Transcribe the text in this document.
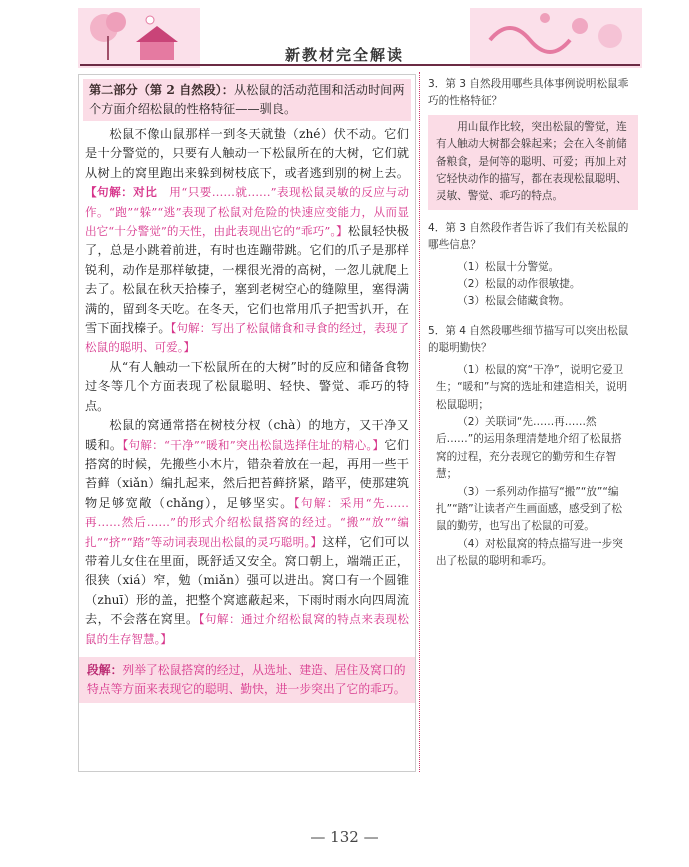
新教材完全解读
第二部分（第 2 自然段）：从松鼠的活动范围和活动时间两个方面介绍松鼠的性格特征——驯良。

松鼠不像山鼠那样一到冬天就蛰（zhé）伏不动。它们是十分警觉的，只要有人触动一下松鼠所在的大树，它们就从树上的窝里跑出来躲到树枝底下，或者逃到别的树上去。【句解：对比　 用“只要……就……”表现松鼠灵敏的反应与动作。“跑”“躲”“逃”表现了松鼠对危险的快速应变能力，从而显出它“十分警觉”的天性，由此表现出它的“乖巧”。】松鼠轻快极了，总是小跳着前进，有时也连蹦带跳。它们的爪子是那样锐利，动作是那样敏捷，一棵很光滑的高树，一忽儿就爬上去了。松鼠在秋天拾榛子，塞到老树空心的缝隙里，塞得满满的，留到冬天吃。在冬天，它们也常用爪子把雪扒开，在雪下面找榛子。【句解：写出了松鼠储食和寻食的经过，表现了松鼠的聪明、可爱。】

从“有人触动一下松鼠所在的大树”时的反应和储备食物过冬等几个方面表现了松鼠聪明、轻快、警觉、乖巧的特点。

松鼠的窝通常搭在树枝分杈（chà）的地方，又干净又暖和。【句解：“干净”“暖和”突出松鼠选择住址的精心。】它们搭窝的时候，先搬些小木片，错杂着放在一起，再用一些干苔藓（xiǎn）编扎起来，然后把苔藓挤紧，踏平，使那建筑物足够宽敞（chǎng），足够坚实。【句解：采用“先……再……然后……”的形式介绍松鼠搭窝的经过。“搬”“放”“编扎”“挤”“踏”等动词表现出松鼠的灵巧聪明。】这样，它们可以带着儿女住在里面，既舒适又安全。窝口朝上，端端正正，很狭（xiá）窄，勉（miǎn）强可以进出。窝口有一个圆锥（zhuī）形的盖，把整个窝遮蔽起来，下雨时雨水向四周流去，不会落在窝里。【句解：通过介绍松鼠窝的特点来表现松鼠的生存智慧。】

段解：列举了松鼠搭窝的经过，从选址、建造、居住及窝口的特点等方面来表现它的聪明、勤快，进一步突出了它的乖巧。

3．第 3 自然段用哪些具体事例说明松鼠乖巧的性格特征？

用山鼠作比较，突出松鼠的警觉，连有人触动大树都会躲起来；会在入冬前储备粮食，是何等的聪明、可爱；再加上对它轻快动作的描写，都在表现松鼠聪明、灵敏、警觉、乖巧的特点。

4．第 3 自然段作者告诉了我们有关松鼠的哪些信息？

（1）松鼠十分警觉。

（2）松鼠的动作很敏捷。

（3）松鼠会储藏食物。

5．第 4 自然段哪些细节描写可以突出松鼠的聪明勤快？

（1）松鼠的窝“干净”，说明它爱卫生；“暖和”与窝的选址和建造相关，说明松鼠聪明；

（2）关联词“先……再……然后……”的运用条理清楚地介绍了松鼠搭窝的过程，充分表现它的勤劳和生存智慧；

（3）一系列动作描写“搬”“放”“编扎”“踏”让读者产生画面感，感受到了松鼠的勤劳，也写出了松鼠的可爱。

（4）对松鼠窝的特点描写进一步突出了松鼠的聪明和乖巧。

— 132 —
